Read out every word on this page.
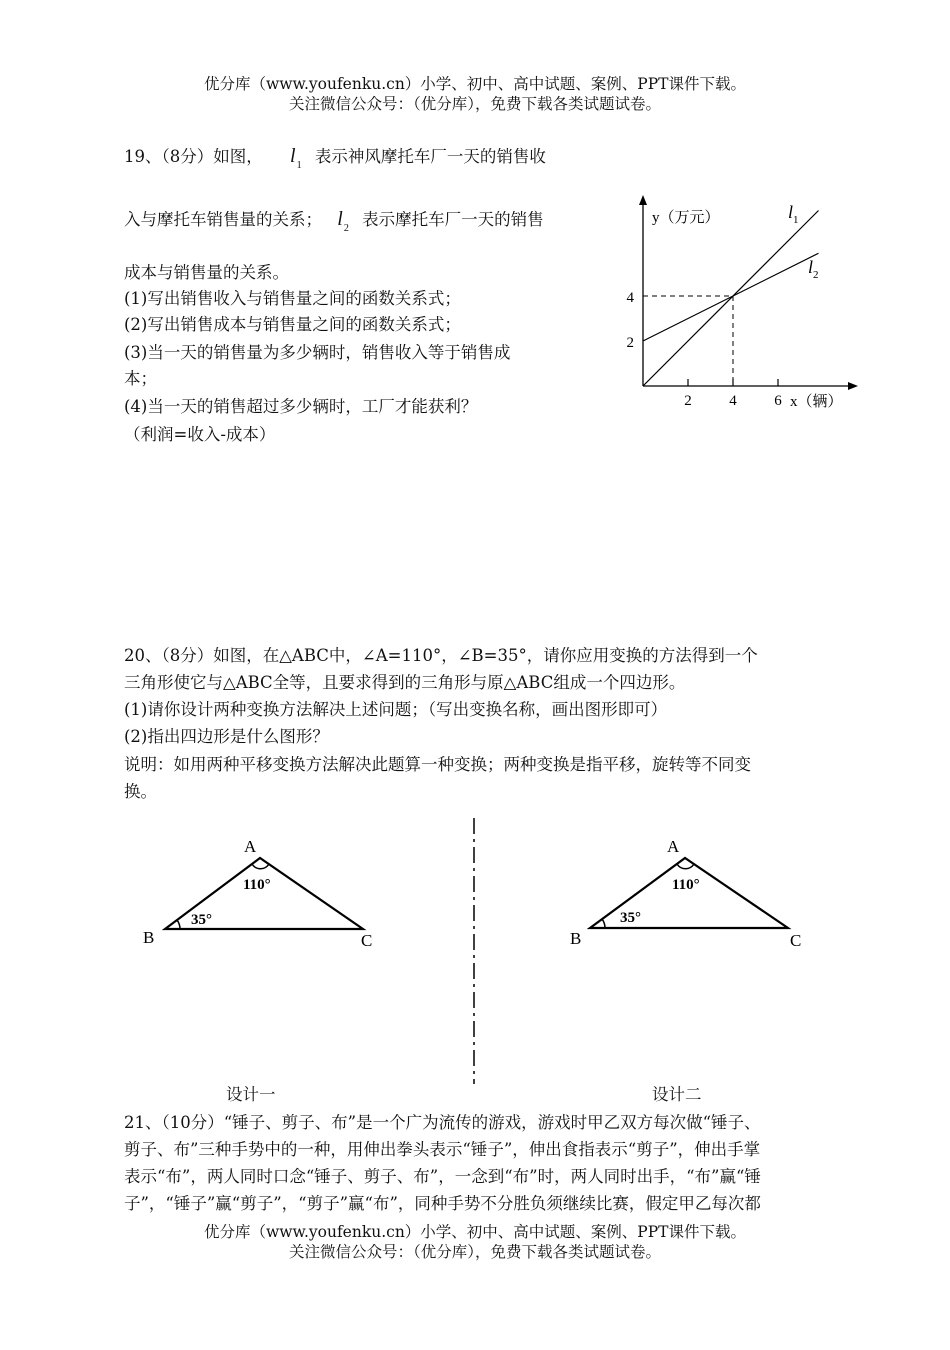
优分库（www.youfenku.cn）小学、初中、高中试题、案例、PPT课件下载。
关注微信公众号：（优分库），免费下载各类试题试卷。
19、（8分）如图， $l_1$ 表示神风摩托车厂一天的销售收
入与摩托车销售量的关系； $l_2$ 表示摩托车厂一天的销售
成本与销售量的关系。
(1)写出销售收入与销售量之间的函数关系式；
(2)写出销售成本与销售量之间的函数关系式；
(3)当一天的销售量为多少辆时，销售收入等于销售成
本；
(4)当一天的销售超过多少辆时，工厂才能获利？
（利润=收入-成本）
2	4	6
2
4
y（万元）
x（辆）
$l_1$
$l_2$
20、（8分）如图，在△ABC中，∠A=110°，∠B=35°，请你应用变换的方法得到一个
三角形使它与△ABC全等，且要求得到的三角形与原△ABC组成一个四边形。
(1)请你设计两种变换方法解决上述问题；（写出变换名称，画出图形即可）
(2)指出四边形是什么图形？
说明：如用两种平移变换方法解决此题算一种变换；两种变换是指平移，旋转等不同变
换。
A
B	C
110°
35°
A
B	C
110°
35°
设计一	设计二
21、（10分）“锤子、剪子、布”是一个广为流传的游戏，游戏时甲乙双方每次做“锤子、
剪子、布”三种手势中的一种，用伸出拳头表示“锤子”，伸出食指表示“剪子”，伸出手掌
表示“布”，两人同时口念“锤子、剪子、布”，一念到“布”时，两人同时出手，“布”赢“锤
子”，“锤子”赢“剪子”，“剪子”赢“布”，同种手势不分胜负须继续比赛，假定甲乙每次都
优分库（www.youfenku.cn）小学、初中、高中试题、案例、PPT课件下载。
关注微信公众号：（优分库），免费下载各类试题试卷。
